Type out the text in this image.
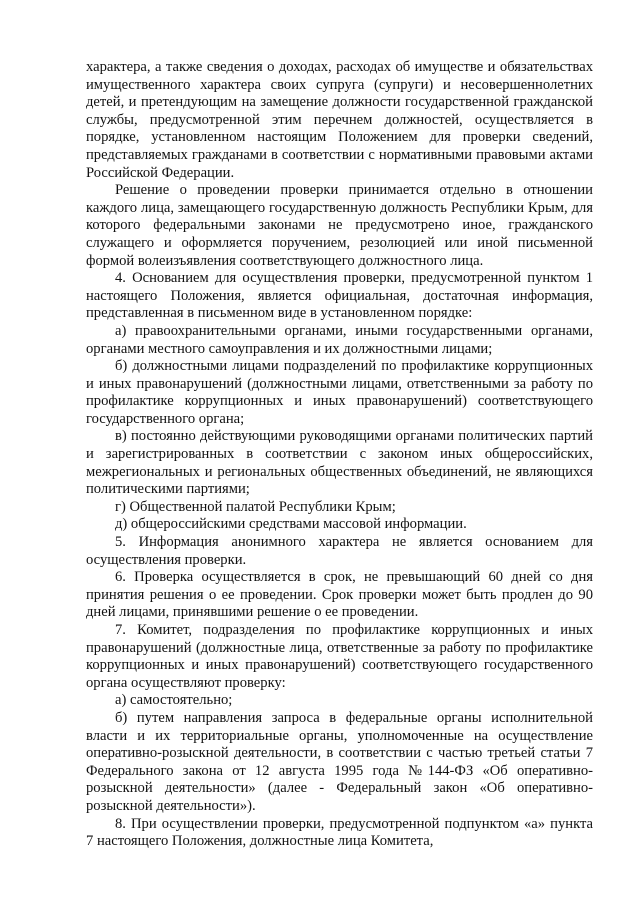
характера, а также сведения о доходах, расходах об имуществе и обязательствах имущественного характера своих супруга (супруги) и несовершеннолетних детей, и претендующим на замещение должности государственной гражданской службы, предусмотренной этим перечнем должностей, осуществляется в порядке, установленном настоящим Положением для проверки сведений, представляемых гражданами в соответствии с нормативными правовыми актами Российской Федерации.

Решение о проведении проверки принимается отдельно в отношении каждого лица, замещающего государственную должность Республики Крым, для которого федеральными законами не предусмотрено иное, гражданского служащего и оформляется поручением, резолюцией или иной письменной формой волеизъявления соответствующего должностного лица.

4. Основанием для осуществления проверки, предусмотренной пунктом 1 настоящего Положения, является официальная, достаточная информация, представленная в письменном виде в установленном порядке:

а) правоохранительными органами, иными государственными органами, органами местного самоуправления и их должностными лицами;

б) должностными лицами подразделений по профилактике коррупционных и иных правонарушений (должностными лицами, ответственными за работу по профилактике коррупционных и иных правонарушений) соответствующего государственного органа;

в) постоянно действующими руководящими органами политических партий и зарегистрированных в соответствии с законом иных общероссийских, межрегиональных и региональных общественных объединений, не являющихся политическими партиями;

г) Общественной палатой Республики Крым;

д) общероссийскими средствами массовой информации.

5. Информация анонимного характера не является основанием для осуществления проверки.

6. Проверка осуществляется в срок, не превышающий 60 дней со дня принятия решения о ее проведении. Срок проверки может быть продлен до 90 дней лицами, принявшими решение о ее проведении.

7. Комитет, подразделения по профилактике коррупционных и иных правонарушений (должностные лица, ответственные за работу по профилактике коррупционных и иных правонарушений) соответствующего государственного органа осуществляют проверку:

а) самостоятельно;

б) путем направления запроса в федеральные органы исполнительной власти и их территориальные органы, уполномоченные на осуществление оперативно-розыскной деятельности, в соответствии с частью третьей статьи 7 Федерального закона от 12 августа 1995 года №144-ФЗ «Об оперативно-розыскной деятельности» (далее - Федеральный закон «Об оперативно-розыскной деятельности»).

8. При осуществлении проверки, предусмотренной подпунктом «а» пункта 7 настоящего Положения, должностные лица Комитета,
